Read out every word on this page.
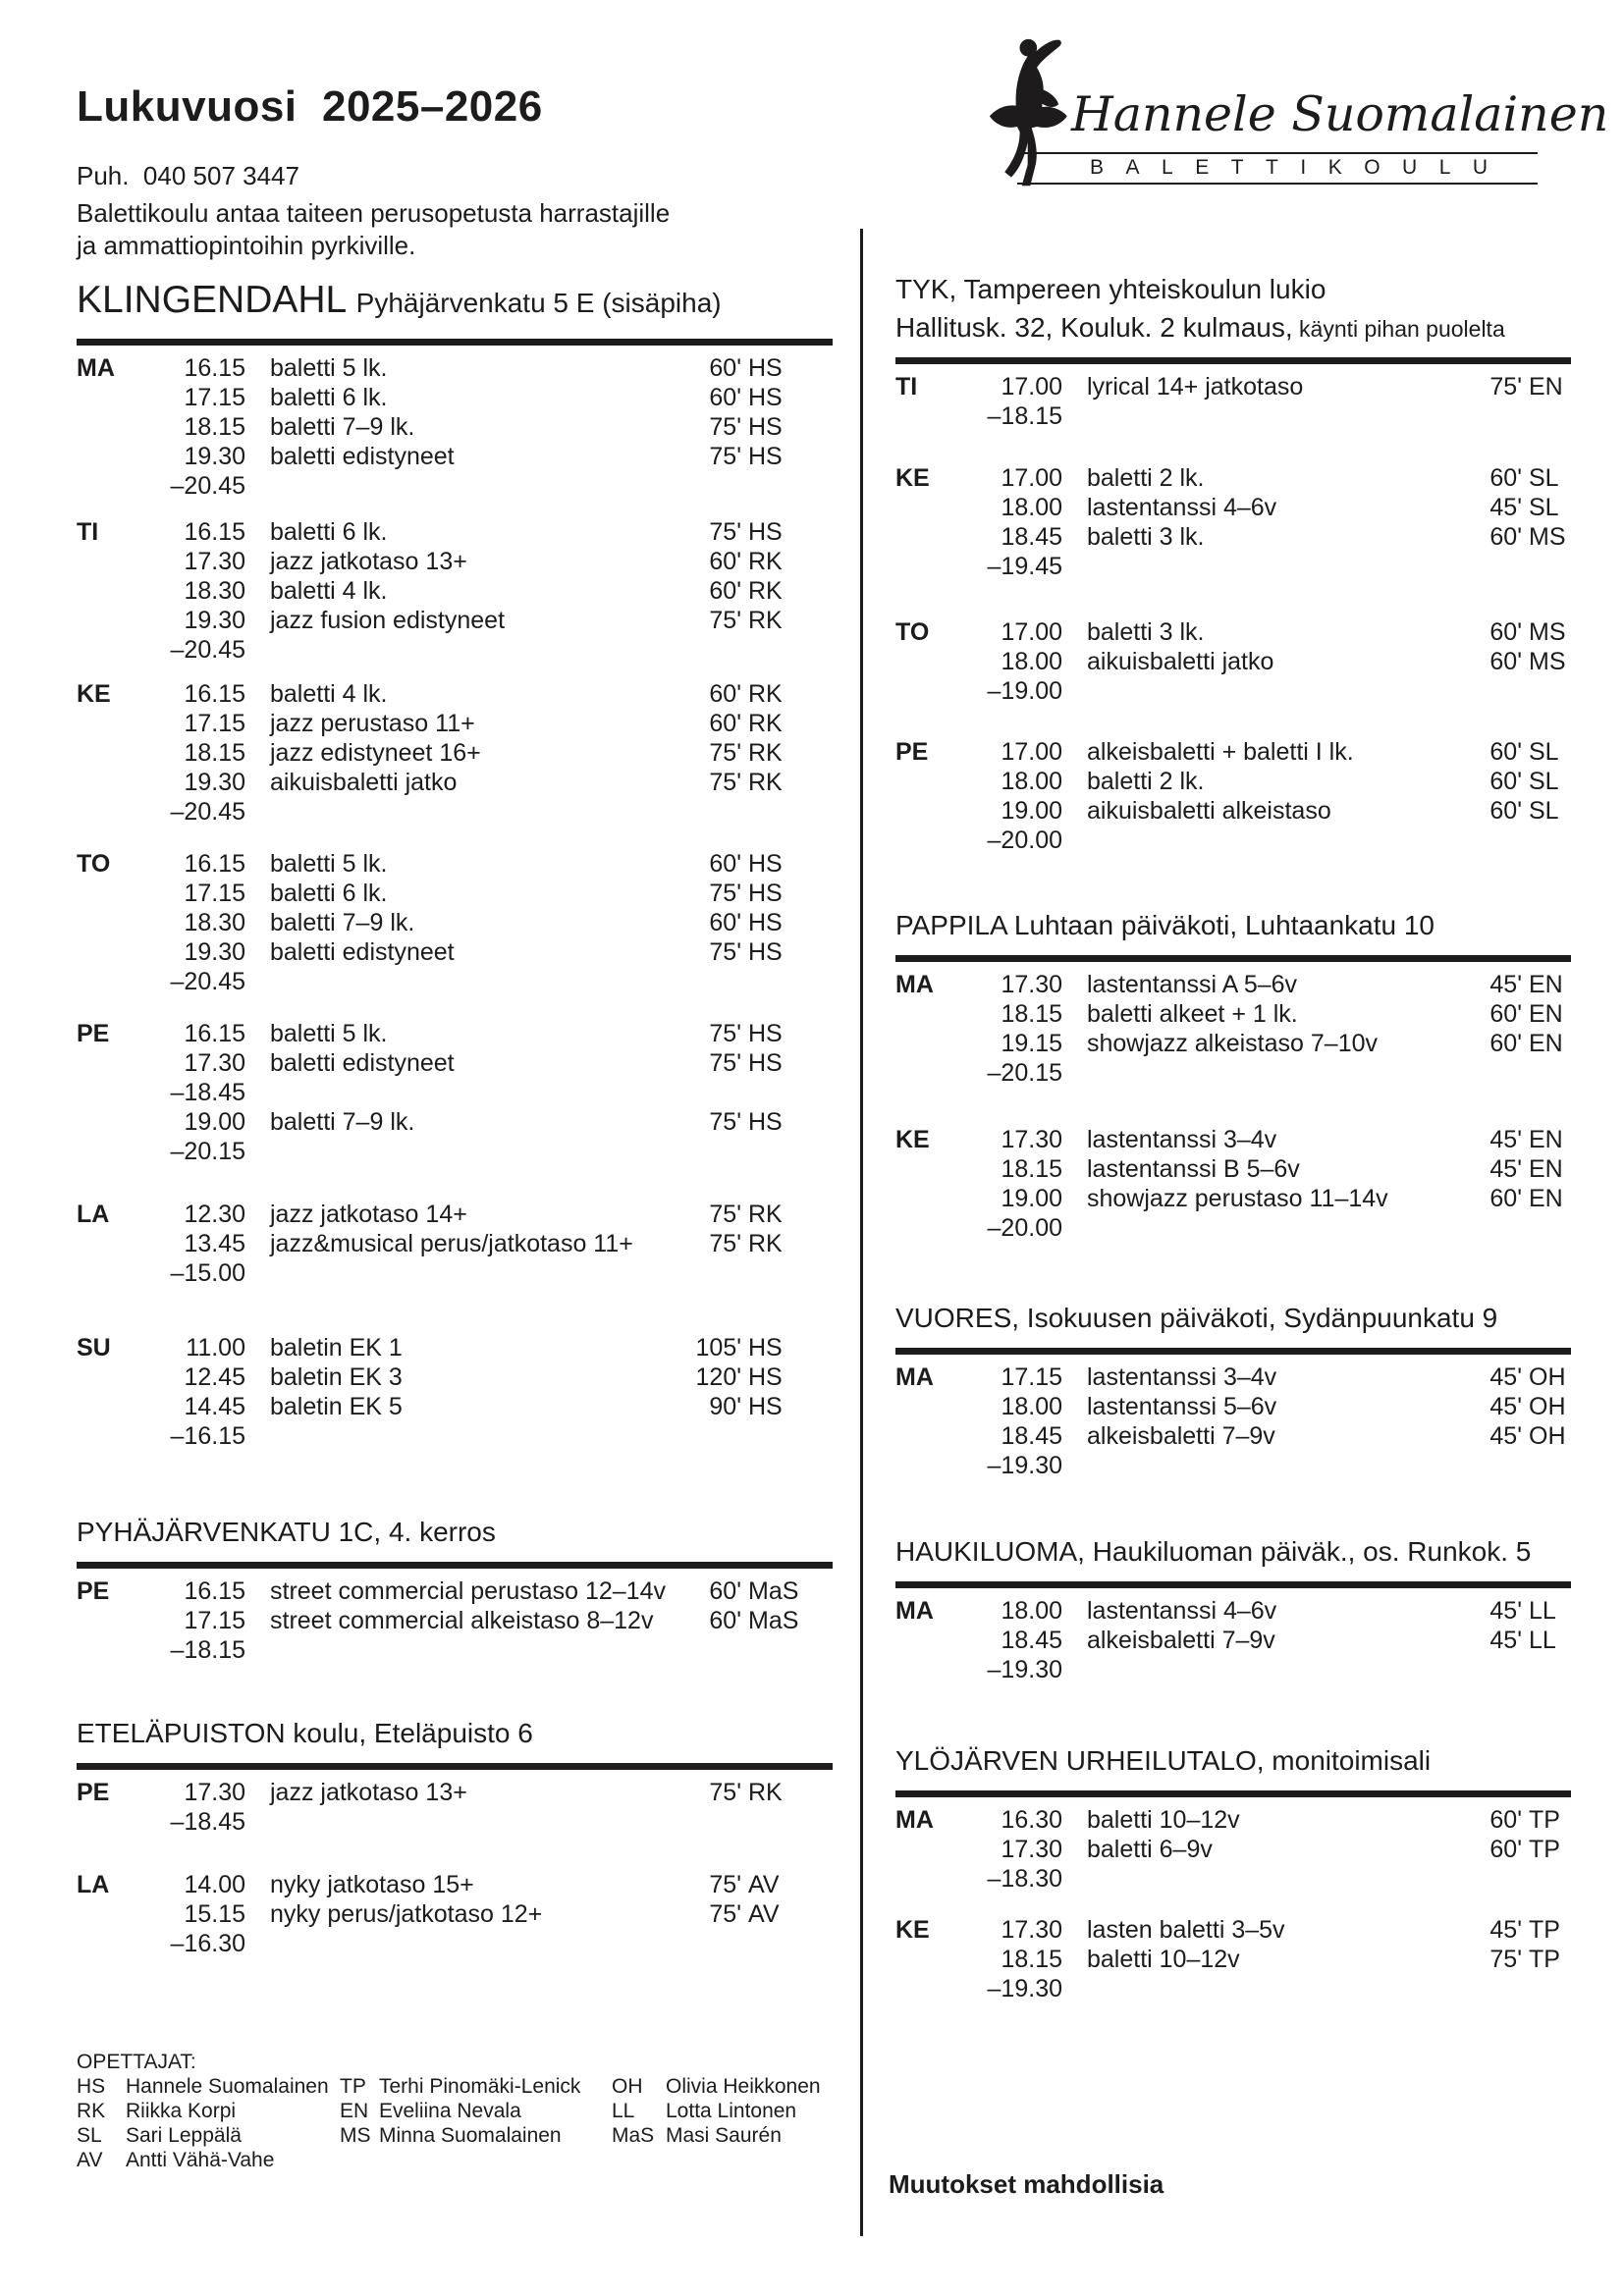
Lukuvuosi  2025–2026
Puh.  040 507 3447
Balettikoulu antaa taiteen perusopetusta harrastajille
ja ammattiopintoihin pyrkiville.
Hannele Suomalainen
BALETTIKOULU
OPETTAJAT:
HS Hannele Suomalainen
RK Riikka Korpi
SL	Sari Leppälä
AV	Antti Vähä-Vahe
TP Terhi Pinomäki-Lenick
EN Eveliina Nevala
MS Minna Suomalainen
OH	Olivia Heikkonen
LL	Lotta Lintonen
MaS Masi Saurén
Muutokset mahdollisia
KLINGENDAHL Pyhäjärvenkatu 5 E (sisäpiha)
MA	16.15	baletti 5 lk.	60' HS
17.15	baletti 6 lk.	60' HS
18.15	baletti 7–9 lk.	75' HS
19.30	baletti edistyneet	75' HS
–20.45
TI	16.15	baletti 6 lk.	75' HS
17.30	jazz jatkotaso 13+	60' RK
18.30	baletti 4 lk.	60' RK
19.30	jazz fusion edistyneet	75' RK
–20.45
KE	16.15	baletti 4 lk.	60' RK
17.15	jazz perustaso 11+	60' RK
18.15	jazz edistyneet 16+	75' RK
19.30	aikuisbaletti jatko	75' RK
–20.45
TO	16.15	baletti 5 lk.	60' HS
17.15	baletti 6 lk.	75' HS
18.30	baletti 7–9 lk.	60' HS
19.30	baletti edistyneet	75' HS
–20.45
PE	16.15	baletti 5 lk.	75' HS
17.30	baletti edistyneet	75' HS
–18.45
19.00	baletti 7–9 lk.	75' HS
–20.15
LA	12.30	jazz jatkotaso 14+	75' RK
13.45	jazz&musical perus/jatkotaso 11+	75' RK
–15.00
SU	11.00	baletin EK 1	105' HS
12.45	baletin EK 3	120' HS
14.45	baletin EK 5	90' HS
–16.15
PYHÄJÄRVENKATU 1C, 4. kerros
PE	16.15	street commercial perustaso 12–14v	60' MaS
17.15	street commercial alkeistaso 8–12v	60' MaS
–18.15
ETELÄPUISTON koulu, Eteläpuisto 6
PE	17.30	jazz jatkotaso 13+	75' RK
–18.45
LA	14.00	nyky jatkotaso 15+	75' AV
15.15	nyky perus/jatkotaso 12+	75' AV
–16.30
TYK, Tampereen yhteiskoulun lukio
Hallitusk. 32, Kouluk. 2 kulmaus, käynti pihan puolelta
TI	17.00	lyrical 14+ jatkotaso	75' EN
–18.15
KE	17.00	baletti 2 lk.	60' SL
18.00	lastentanssi 4–6v	45' SL
18.45	baletti 3 lk.	60' MS
–19.45
TO	17.00	baletti 3 lk.	60' MS
18.00	aikuisbaletti jatko	60' MS
–19.00
PE	17.00	alkeisbaletti + baletti I lk.	60' SL
18.00	baletti 2 lk.	60' SL
19.00	aikuisbaletti alkeistaso	60' SL
–20.00
PAPPILA Luhtaan päiväkoti, Luhtaankatu 10
MA	17.30	lastentanssi A 5–6v	45' EN
18.15	baletti alkeet + 1 lk.	60' EN
19.15	showjazz alkeistaso 7–10v	60' EN
–20.15
KE	17.30	lastentanssi 3–4v	45' EN
18.15	lastentanssi B 5–6v	45' EN
19.00	showjazz perustaso 11–14v	60' EN
–20.00
VUORES, Isokuusen päiväkoti, Sydänpuunkatu 9
MA	17.15	lastentanssi 3–4v	45' OH
18.00	lastentanssi 5–6v	45' OH
18.45	alkeisbaletti 7–9v	45' OH
–19.30
HAUKILUOMA, Haukiluoman päiväk., os. Runkok. 5
MA	18.00	lastentanssi 4–6v	45' LL
18.45	alkeisbaletti 7–9v	45' LL
–19.30
YLÖJÄRVEN URHEILUTALO, monitoimisali
MA	16.30	baletti 10–12v	60' TP
17.30	baletti 6–9v	60' TP
–18.30
KE	17.30	lasten baletti 3–5v	45' TP
18.15	baletti 10–12v	75' TP
–19.30
